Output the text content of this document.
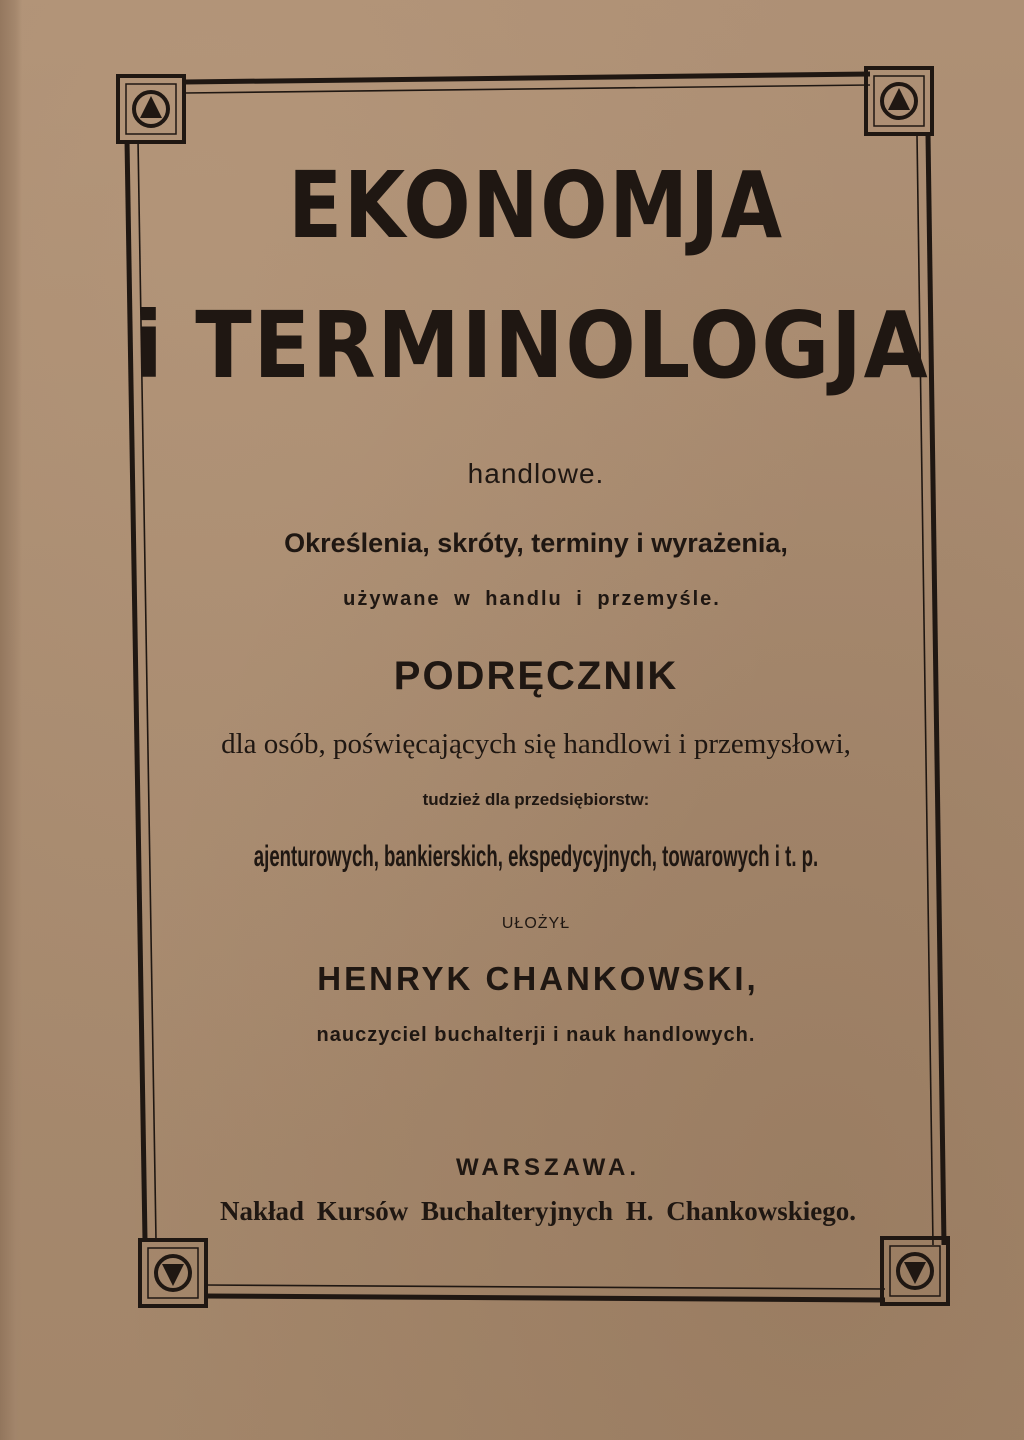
EKONOMJA
i TERMINOLOGJA
handlowe.
Określenia, skróty, terminy i wyrażenia,
używane w handlu i przemyśle.
PODRĘCZNIK
dla osób, poświęcających się handlowi i przemysłowi,
tudzież dla przedsiębiorstw:
ajenturowych, bankierskich, ekspedycyjnych, towarowych i t. p.
UŁOŻYŁ
HENRYK CHANKOWSKI,
nauczyciel buchalterji i nauk handlowych.
WARSZAWA.
Nakład Kursów Buchalteryjnych H. Chankowskiego.
